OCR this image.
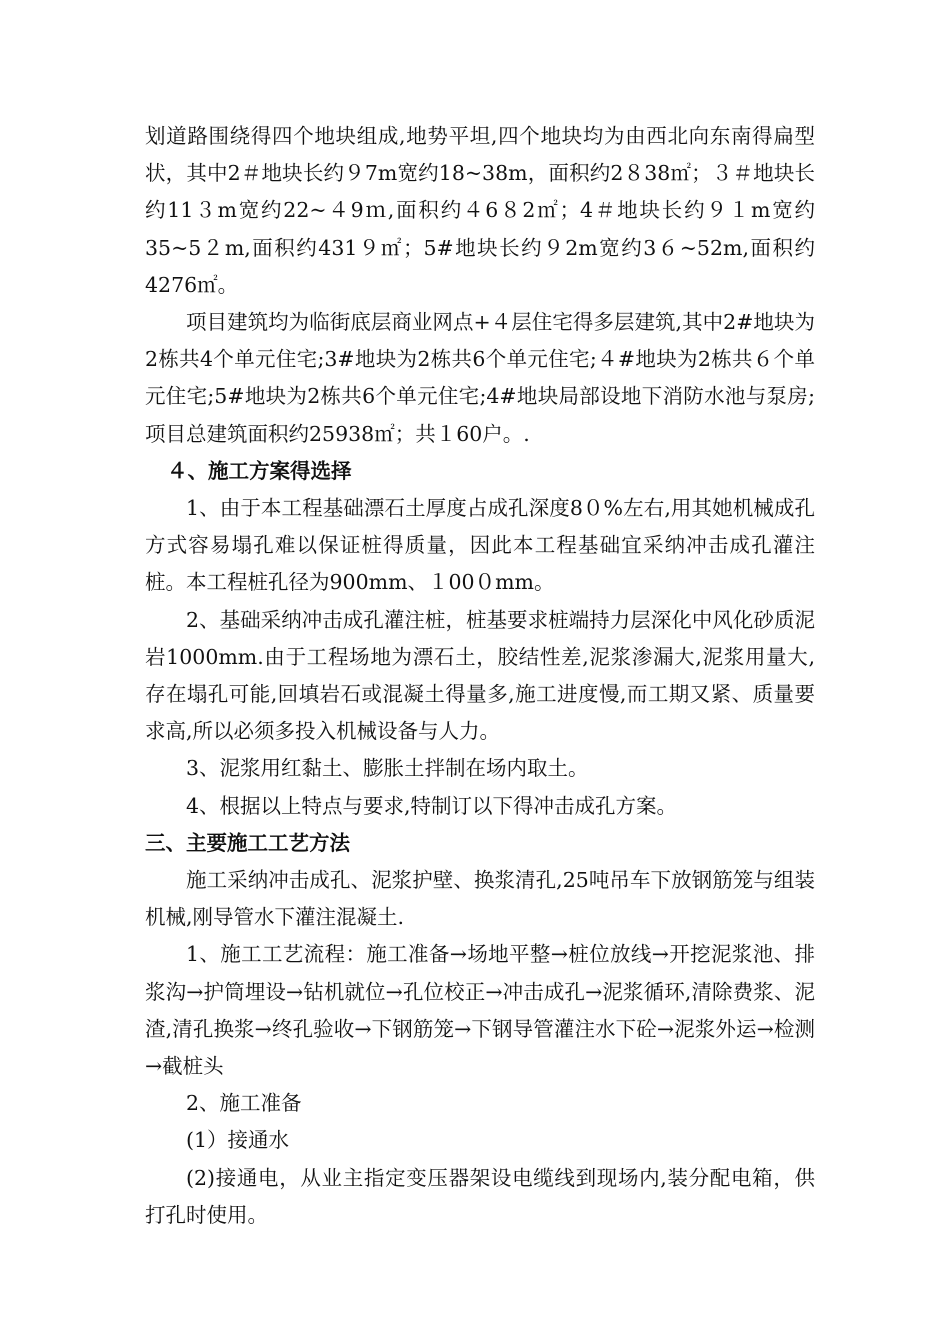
划道路围绕得四个地块组成,地势平坦,四个地块均为由西北向东南得扁型状，其中2＃地块长约９7m宽约18~38m，面积约2８38㎡；３＃地块长约11３m宽约22~４9ｍ,面积约４6８2㎡；4＃地块长约９１m宽约35~5２m,面积约431９㎡；5#地块长约９2m宽约3６~52m,面积约4276㎡。

项目建筑均为临街底层商业网点+４层住宅得多层建筑,其中2#地块为2栋共4个单元住宅;3#地块为2栋共6个单元住宅;４#地块为2栋共６个单元住宅;5#地块为2栋共6个单元住宅;4#地块局部设地下消防水池与泵房;项目总建筑面积约25938㎡；共１60户。.

４、施工方案得选择

1、由于本工程基础漂石土厚度占成孔深度8０%左右,用其她机械成孔方式容易塌孔难以保证桩得质量，因此本工程基础宜采纳冲击成孔灌注桩。本工程桩孔径为900mm、１00０mm。

2、基础采纳冲击成孔灌注桩，桩基要求桩端持力层深化中风化砂质泥岩1000mm.由于工程场地为漂石土，胶结性差,泥浆渗漏大,泥浆用量大,存在塌孔可能,回填岩石或混凝土得量多,施工进度慢,而工期又紧、质量要求高,所以必须多投入机械设备与人力。

3、泥浆用红黏土、膨胀土拌制在场内取土。

4、根据以上特点与要求,特制订以下得冲击成孔方案。

三、主要施工工艺方法

施工采纳冲击成孔、泥浆护壁、换浆清孔,25吨吊车下放钢筋笼与组装机械,刚导管水下灌注混凝土.

1、施工工艺流程：施工准备→场地平整→桩位放线→开挖泥浆池、排浆沟→护筒埋设→钻机就位→孔位校正→冲击成孔→泥浆循环,清除费浆、泥渣,清孔换浆→终孔验收→下钢筋笼→下钢导管灌注水下砼→泥浆外运→检测→截桩头

2、施工准备

(1）接通水

(2)接通电，从业主指定变压器架设电缆线到现场内,装分配电箱，供打孔时使用。
